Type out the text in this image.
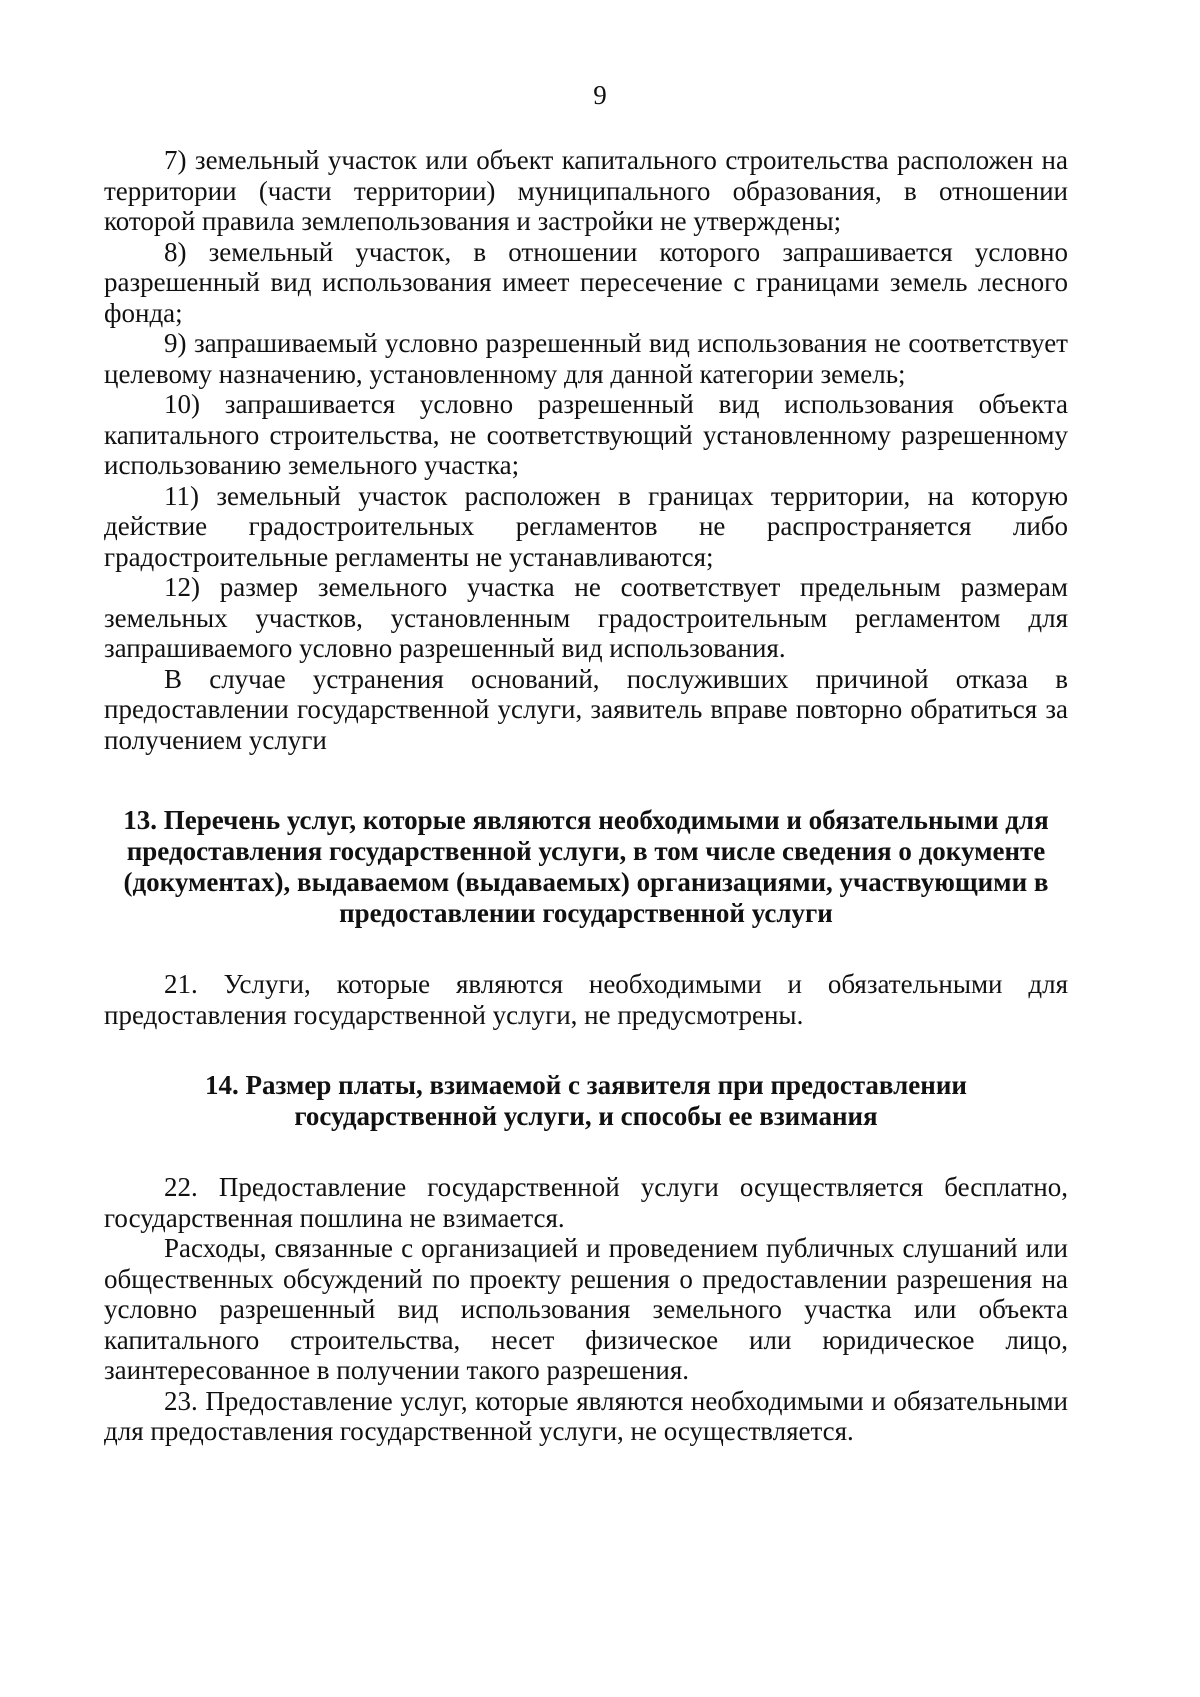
9

7) земельный участок или объект капитального строительства расположен на территории (части территории) муниципального образования, в отношении которой правила землепользования и застройки не утверждены;

8) земельный участок, в отношении которого запрашивается условно разрешенный вид использования имеет пересечение с границами земель лесного фонда;

9) запрашиваемый условно разрешенный вид использования не соответствует целевому назначению, установленному для данной категории земель;

10) запрашивается условно разрешенный вид использования объекта капитального строительства, не соответствующий установленному разрешенному использованию земельного участка;

11) земельный участок расположен в границах территории, на которую действие градостроительных регламентов не распространяется либо градостроительные регламенты не устанавливаются;

12) размер земельного участка не соответствует предельным размерам земельных участков, установленным градостроительным регламентом для запрашиваемого условно разрешенный вид использования.

В случае устранения оснований, послуживших причиной отказа в предоставлении государственной услуги, заявитель вправе повторно обратиться за получением услуги

13. Перечень услуг, которые являются необходимыми и обязательными для предоставления государственной услуги, в том числе сведения о документе (документах), выдаваемом (выдаваемых) организациями, участвующими в предоставлении государственной услуги

21. Услуги, которые являются необходимыми и обязательными для предоставления государственной услуги, не предусмотрены.

14. Размер платы, взимаемой с заявителя при предоставлении государственной услуги, и способы ее взимания

22. Предоставление государственной услуги осуществляется бесплатно, государственная пошлина не взимается.

Расходы, связанные с организацией и проведением публичных слушаний или общественных обсуждений по проекту решения о предоставлении разрешения на условно разрешенный вид использования земельного участка или объекта капитального строительства, несет физическое или юридическое лицо, заинтересованное в получении такого разрешения.

23. Предоставление услуг, которые являются необходимыми и обязательными для предоставления государственной услуги, не осуществляется.
